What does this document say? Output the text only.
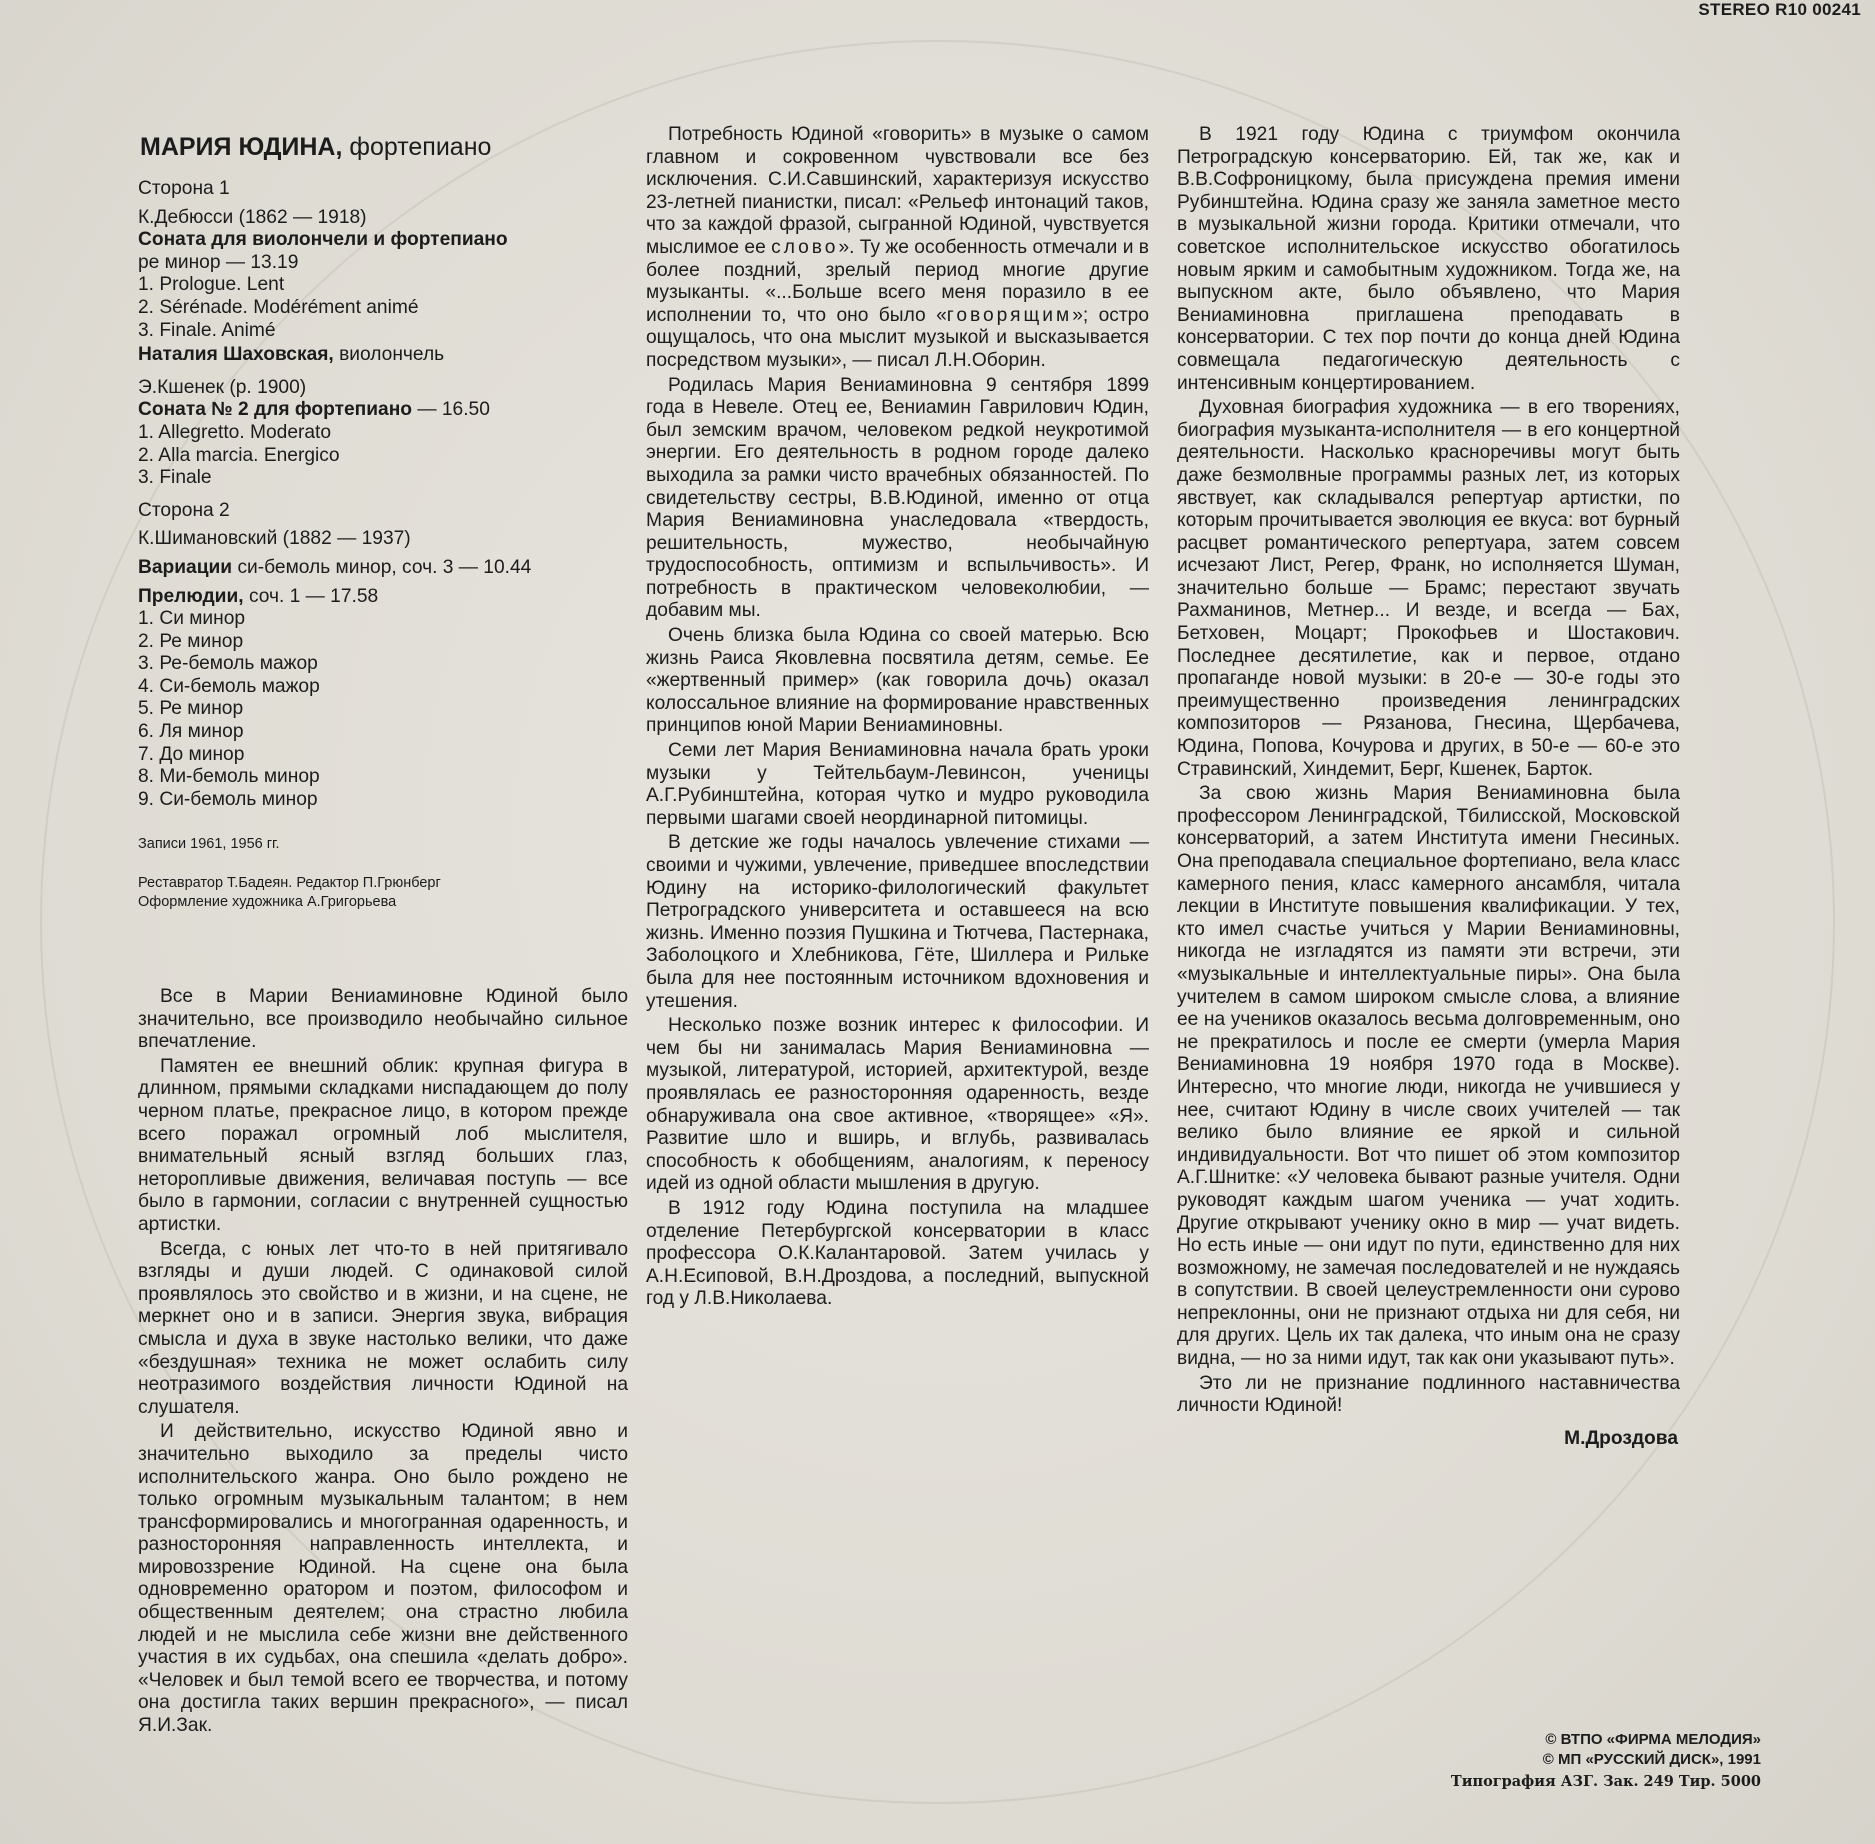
STEREO R10 00241
МАРИЯ ЮДИНА, фортепиано
Сторона 1
К.Дебюсси (1862 — 1918)
Соната для виолончели и фортепиано
ре минор — 13.19
1. Prologue. Lent
2. Sérénade. Modérément animé
3. Finale. Animé
Наталия Шаховская, виолончель
Э.Кшенек (р. 1900)
Соната № 2 для фортепиано — 16.50
1. Allegretto. Moderato
2. Alla marcia. Energico
3. Finale
Сторона 2
К.Шимановский (1882 — 1937)
Вариации си-бемоль минор, соч. 3 — 10.44
Прелюдии, соч. 1 — 17.58
1. Си минор
2. Ре минор
3. Ре-бемоль мажор
4. Си-бемоль мажор
5. Ре минор
6. Ля минор
7. До минор
8. Ми-бемоль минор
9. Си-бемоль минор
Записи 1961, 1956 гг.
Реставратор Т.Бадеян. Редактор П.Грюнберг
Оформление художника А.Григорьева

Все в Марии Вениаминовне Юдиной было значительно, все производило необычайно сильное впечатление.

Памятен ее внешний облик: крупная фигура в длинном, прямыми складками ниспадающем до полу черном платье, прекрасное лицо, в котором прежде всего поражал огромный лоб мыслителя, внимательный ясный взгляд больших глаз, неторопливые движения, величавая поступь — все было в гармонии, согласии с внутренней сущностью артистки.

Всегда, с юных лет что-то в ней притягивало взгляды и души людей. С одинаковой силой проявлялось это свойство и в жизни, и на сцене, не меркнет оно и в записи. Энергия звука, вибрация смысла и духа в звуке настолько велики, что даже «бездушная» техника не может ослабить силу неотразимого воздействия личности Юдиной на слушателя.

И действительно, искусство Юдиной явно и значительно выходило за пределы чисто исполнительского жанра. Оно было рождено не только огромным музыкальным талантом; в нем трансформировались и многогранная одаренность, и разносторонняя направленность интеллекта, и мировоззрение Юдиной. На сцене она была одновременно оратором и поэтом, философом и общественным деятелем; она страстно любила людей и не мыслила себе жизни вне действенного участия в их судьбах, она спешила «делать добро». «Человек и был темой всего ее творчества, и потому она достигла таких вершин прекрасного», — писал Я.И.Зак.

Потребность Юдиной «говорить» в музыке о самом главном и сокровенном чувствовали все без исключения. С.И.Савшинский, характеризуя искусство 23-летней пианистки, писал: «Рельеф интонаций таков, что за каждой фразой, сыгранной Юдиной, чувствуется мыслимое ее слово». Ту же особенность отмечали и в более поздний, зрелый период многие другие музыканты. «...Больше всего меня поразило в ее исполнении то, что оно было «говорящим»; остро ощущалось, что она мыслит музыкой и высказывается посредством музыки», — писал Л.Н.Оборин.

Родилась Мария Вениаминовна 9 сентября 1899 года в Невеле. Отец ее, Вениамин Гаврилович Юдин, был земским врачом, человеком редкой неукротимой энергии. Его деятельность в родном городе далеко выходила за рамки чисто врачебных обязанностей. По свидетельству сестры, В.В.Юдиной, именно от отца Мария Вениаминовна унаследовала «твердость, решительность, мужество, необычайную трудоспособность, оптимизм и вспыльчивость». И потребность в практическом человеколюбии, — добавим мы.

Очень близка была Юдина со своей матерью. Всю жизнь Раиса Яковлевна посвятила детям, семье. Ее «жертвенный пример» (как говорила дочь) оказал колоссальное влияние на формирование нравственных принципов юной Марии Вениаминовны.

Семи лет Мария Вениаминовна начала брать уроки музыки у Тейтельбаум-Левинсон, ученицы А.Г.Рубинштейна, которая чутко и мудро руководила первыми шагами своей неординарной питомицы.

В детские же годы началось увлечение стихами — своими и чужими, увлечение, приведшее впоследствии Юдину на историко-филологический факультет Петроградского университета и оставшееся на всю жизнь. Именно поэзия Пушкина и Тютчева, Пастернака, Заболоцкого и Хлебникова, Гёте, Шиллера и Рильке была для нее постоянным источником вдохновения и утешения.

Несколько позже возник интерес к философии. И чем бы ни занималась Мария Вениаминовна — музыкой, литературой, историей, архитектурой, везде проявлялась ее разносторонняя одаренность, везде обнаруживала она свое активное, «творящее» «Я». Развитие шло и вширь, и вглубь, развивалась способность к обобщениям, аналогиям, к переносу идей из одной области мышления в другую.

В 1912 году Юдина поступила на младшее отделение Петербургской консерватории в класс профессора О.К.Калантаровой. Затем училась у А.Н.Есиповой, В.Н.Дроздова, а последний, выпускной год у Л.В.Николаева.

В 1921 году Юдина с триумфом окончила Петроградскую консерваторию. Ей, так же, как и В.В.Софроницкому, была присуждена премия имени Рубинштейна. Юдина сразу же заняла заметное место в музыкальной жизни города. Критики отмечали, что советское исполнительское искусство обогатилось новым ярким и самобытным художником. Тогда же, на выпускном акте, было объявлено, что Мария Вениаминовна приглашена преподавать в консерватории. С тех пор почти до конца дней Юдина совмещала педагогическую деятельность с интенсивным концертированием.

Духовная биография художника — в его творениях, биография музыканта-исполнителя — в его концертной деятельности. Насколько красноречивы могут быть даже безмолвные программы разных лет, из которых явствует, как складывался репертуар артистки, по которым прочитывается эволюция ее вкуса: вот бурный расцвет романтического репертуара, затем совсем исчезают Лист, Регер, Франк, но исполняется Шуман, значительно больше — Брамс; перестают звучать Рахманинов, Метнер... И везде, и всегда — Бах, Бетховен, Моцарт; Прокофьев и Шостакович. Последнее десятилетие, как и первое, отдано пропаганде новой музыки: в 20-е — 30-е годы это преимущественно произведения ленинградских композиторов — Рязанова, Гнесина, Щербачева, Юдина, Попова, Кочурова и других, в 50-е — 60-е это Стравинский, Хиндемит, Берг, Кшенек, Барток.

За свою жизнь Мария Вениаминовна была профессором Ленинградской, Тбилисской, Московской консерваторий, а затем Института имени Гнесиных. Она преподавала специальное фортепиано, вела класс камерного пения, класс камерного ансамбля, читала лекции в Институте повышения квалификации. У тех, кто имел счастье учиться у Марии Вениаминовны, никогда не изгладятся из памяти эти встречи, эти «музыкальные и интеллектуальные пиры». Она была учителем в самом широком смысле слова, а влияние ее на учеников оказалось весьма долговременным, оно не прекратилось и после ее смерти (умерла Мария Вениаминовна 19 ноября 1970 года в Москве). Интересно, что многие люди, никогда не учившиеся у нее, считают Юдину в числе своих учителей — так велико было влияние ее яркой и сильной индивидуальности. Вот что пишет об этом композитор А.Г.Шнитке: «У человека бывают разные учителя. Одни руководят каждым шагом ученика — учат ходить. Другие открывают ученику окно в мир — учат видеть. Но есть иные — они идут по пути, единственно для них возможному, не замечая последователей и не нуждаясь в сопутствии. В своей целеустремленности они сурово непреклонны, они не признают отдыха ни для себя, ни для других. Цель их так далека, что иным она не сразу видна, — но за ними идут, так как они указывают путь».

Это ли не признание подлинного наставничества личности Юдиной!

М.Дроздова
© ВТПО «ФИРМА МЕЛОДИЯ»
© МП «РУССКИЙ ДИСК», 1991
Типография АЗГ. Зак. 249 Тир. 5000
